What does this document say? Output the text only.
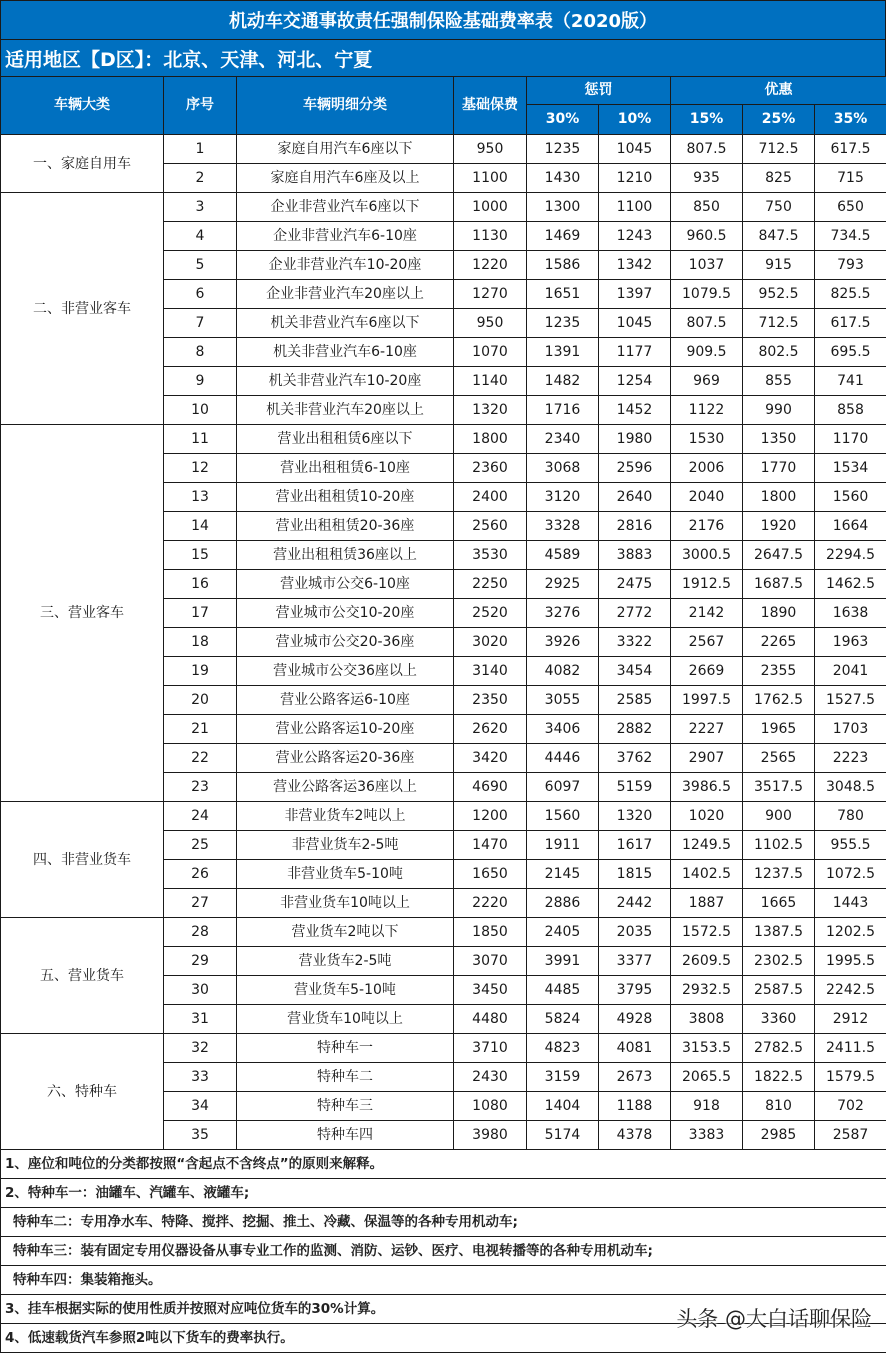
机动车交通事故责任强制保险基础费率表（2020版）
适用地区【D区】：北京、天津、河北、宁夏
车辆大类	序号	车辆明细分类	基础保费	惩罚		优惠		
				30%	10%	15%	25%	35%
一、家庭自用车	1	家庭自用汽车6座以下	950	1235	1045	807.5	712.5	617.5
	2	家庭自用汽车6座及以上	1100	1430	1210	935	825	715
二、非营业客车	3	企业非营业汽车6座以下	1000	1300	1100	850	750	650
	4	企业非营业汽车6-10座	1130	1469	1243	960.5	847.5	734.5
	5	企业非营业汽车10-20座	1220	1586	1342	1037	915	793
	6	企业非营业汽车20座以上	1270	1651	1397	1079.5	952.5	825.5
	7	机关非营业汽车6座以下	950	1235	1045	807.5	712.5	617.5
	8	机关非营业汽车6-10座	1070	1391	1177	909.5	802.5	695.5
	9	机关非营业汽车10-20座	1140	1482	1254	969	855	741
	10	机关非营业汽车20座以上	1320	1716	1452	1122	990	858
三、营业客车	11	营业出租租赁6座以下	1800	2340	1980	1530	1350	1170
	12	营业出租租赁6-10座	2360	3068	2596	2006	1770	1534
	13	营业出租租赁10-20座	2400	3120	2640	2040	1800	1560
	14	营业出租租赁20-36座	2560	3328	2816	2176	1920	1664
	15	营业出租租赁36座以上	3530	4589	3883	3000.5	2647.5	2294.5
	16	营业城市公交6-10座	2250	2925	2475	1912.5	1687.5	1462.5
	17	营业城市公交10-20座	2520	3276	2772	2142	1890	1638
	18	营业城市公交20-36座	3020	3926	3322	2567	2265	1963
	19	营业城市公交36座以上	3140	4082	3454	2669	2355	2041
	20	营业公路客运6-10座	2350	3055	2585	1997.5	1762.5	1527.5
	21	营业公路客运10-20座	2620	3406	2882	2227	1965	1703
	22	营业公路客运20-36座	3420	4446	3762	2907	2565	2223
	23	营业公路客运36座以上	4690	6097	5159	3986.5	3517.5	3048.5
四、非营业货车	24	非营业货车2吨以上	1200	1560	1320	1020	900	780
	25	非营业货车2-5吨	1470	1911	1617	1249.5	1102.5	955.5
	26	非营业货车5-10吨	1650	2145	1815	1402.5	1237.5	1072.5
	27	非营业货车10吨以上	2220	2886	2442	1887	1665	1443
五、营业货车	28	营业货车2吨以下	1850	2405	2035	1572.5	1387.5	1202.5
	29	营业货车2-5吨	3070	3991	3377	2609.5	2302.5	1995.5
	30	营业货车5-10吨	3450	4485	3795	2932.5	2587.5	2242.5
	31	营业货车10吨以上	4480	5824	4928	3808	3360	2912
六、特种车	32	特种车一	3710	4823	4081	3153.5	2782.5	2411.5
	33	特种车二	2430	3159	2673	2065.5	1822.5	1579.5
	34	特种车三	1080	1404	1188	918	810	702
	35	特种车四	3980	5174	4378	3383	2985	2587
1、座位和吨位的分类都按照“含起点不含终点”的原则来解释。								
2、特种车一：油罐车、汽罐车、液罐车;								
特种车二：专用净水车、特降、搅拌、挖掘、推土、冷藏、保温等的各种专用机动车;								
特种车三：装有固定专用仪器设备从事专业工作的监测、消防、运钞、医疗、电视转播等的各种专用机动车;								
特种车四：集装箱拖头。								
3、挂车根据实际的使用性质并按照对应吨位货车的30%计算。								
4、低速载货汽车参照2吨以下货车的费率执行。								
头条 @大白话聊保险
